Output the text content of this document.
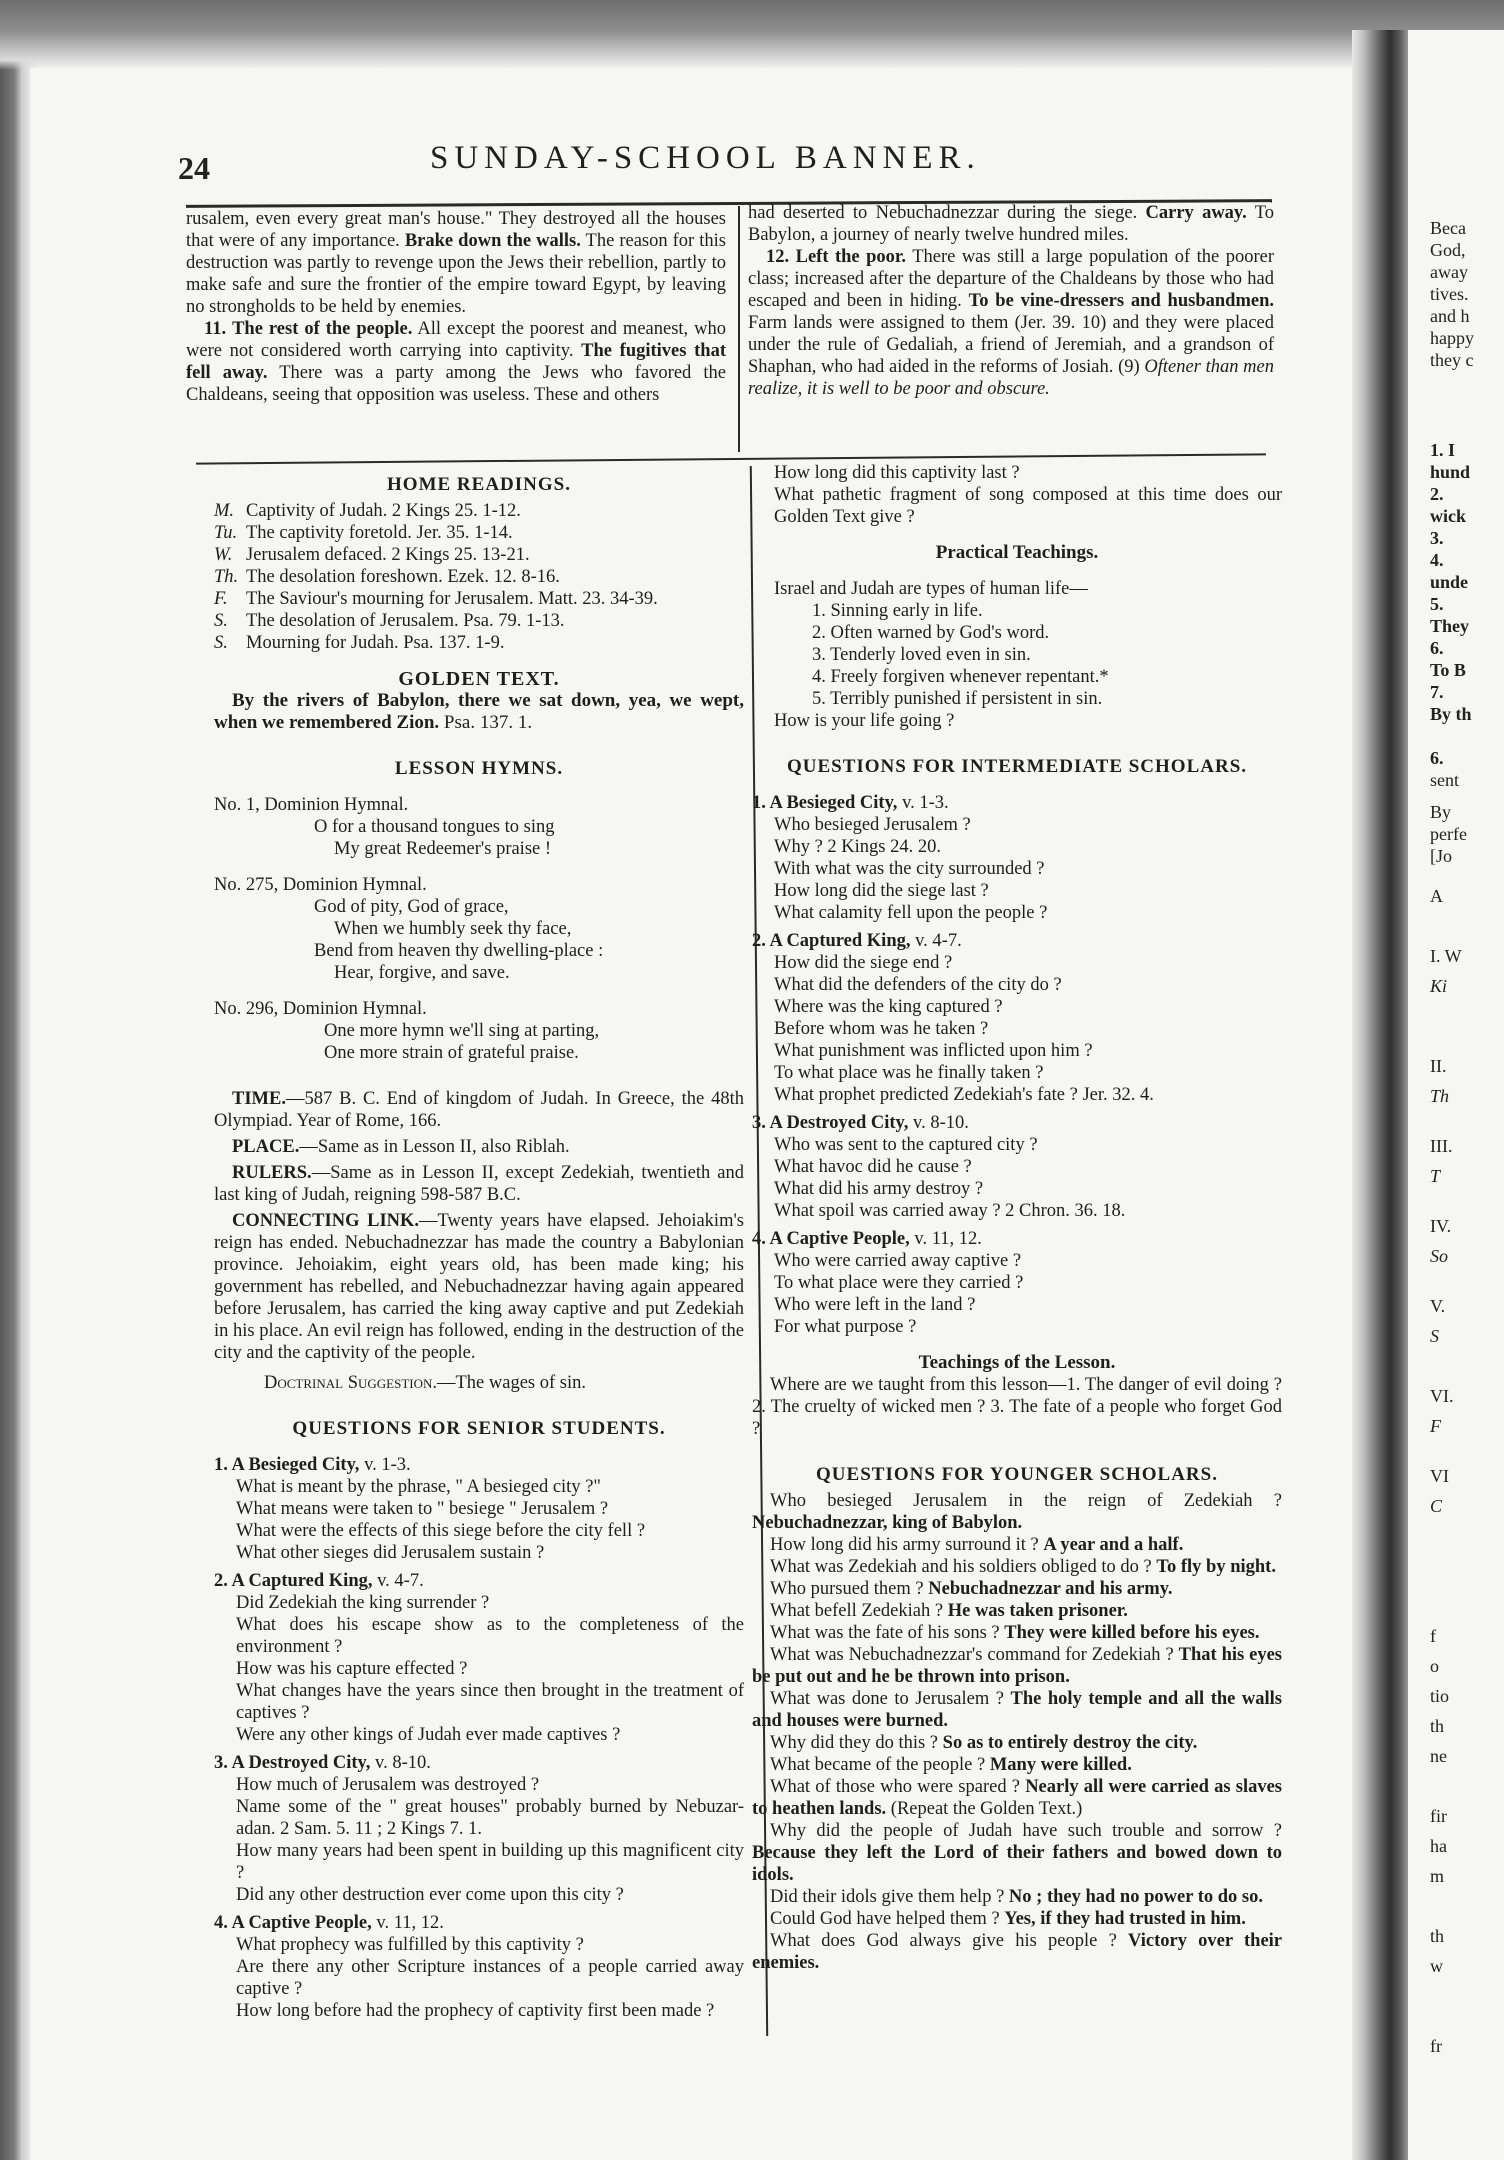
Beca
God,
away
tives.
and h
happy
they c
1. I
hund
2.
wick
3.
4.
unde
5.
They
6.
To B
7.
By th
6.
sent
By
perfe
[Jo
A
I. W
Ki
II.
Th
III.
T
IV.
So
V.
S
VI.
F
VI
C
f
o
tio
th
ne
fir
ha
m
th
w
fr
24	SUNDAY-SCHOOL BANNER.

rusalem, even every great man's house." They destroyed all the houses that were of any importance. Brake down the walls. The reason for this destruction was partly to revenge upon the Jews their rebellion, partly to make safe and sure the frontier of the empire toward Egypt, by leaving no strongholds to be held by enemies.

11. The rest of the people. All except the poorest and meanest, who were not considered worth carrying into captivity. The fugitives that fell away. There was a party among the Jews who favored the Chaldeans, seeing that opposition was useless. These and others

had deserted to Nebuchadnezzar during the siege. Carry away. To Babylon, a journey of nearly twelve hundred miles.

12. Left the poor. There was still a large population of the poorer class; increased after the departure of the Chaldeans by those who had escaped and been in hiding. To be vine-dressers and husbandmen. Farm lands were assigned to them (Jer. 39. 10) and they were placed under the rule of Gedaliah, a friend of Jeremiah, and a grandson of Shaphan, who had aided in the reforms of Josiah. (9) Oftener than men realize, it is well to be poor and obscure.

HOME READINGS.

M. Captivity of Judah. 2 Kings 25. 1-12.

Tu. The captivity foretold. Jer. 35. 1-14.

W. Jerusalem defaced. 2 Kings 25. 13-21.

Th. The desolation foreshown. Ezek. 12. 8-16.

F. The Saviour's mourning for Jerusalem. Matt. 23. 34-39.

S. The desolation of Jerusalem. Psa. 79. 1-13.

S. Mourning for Judah. Psa. 137. 1-9.

GOLDEN TEXT.

By the rivers of Babylon, there we sat down, yea, we wept, when we remembered Zion. Psa. 137. 1.

LESSON HYMNS.

No. 1, Dominion Hymnal.

O for a thousand tongues to sing

My great Redeemer's praise !

No. 275, Dominion Hymnal.

God of pity, God of grace,

When we humbly seek thy face,

Bend from heaven thy dwelling-place :

Hear, forgive, and save.

No. 296, Dominion Hymnal.

One more hymn we'll sing at parting,

One more strain of grateful praise.

TIME.—587 B. C. End of kingdom of Judah. In Greece, the 48th Olympiad. Year of Rome, 166.

PLACE.—Same as in Lesson II, also Riblah.

RULERS.—Same as in Lesson II, except Zedekiah, twentieth and last king of Judah, reigning 598-587 B.C.

CONNECTING LINK.—Twenty years have elapsed. Jehoiakim's reign has ended. Nebuchadnezzar has made the country a Babylonian province. Jehoiakim, eight years old, has been made king; his government has rebelled, and Nebuchadnezzar having again appeared before Jerusalem, has carried the king away captive and put Zedekiah in his place. An evil reign has followed, ending in the destruction of the city and the captivity of the people.

Doctrinal Suggestion.—The wages of sin.

QUESTIONS FOR SENIOR STUDENTS.

1. A Besieged City, v. 1-3.

What is meant by the phrase, " A besieged city ?"

What means were taken to " besiege " Jerusalem ?

What were the effects of this siege before the city fell ?

What other sieges did Jerusalem sustain ?

2. A Captured King, v. 4-7.

Did Zedekiah the king surrender ?

What does his escape show as to the completeness of the environment ?

How was his capture effected ?

What changes have the years since then brought in the treatment of captives ?

Were any other kings of Judah ever made captives ?

3. A Destroyed City, v. 8-10.

How much of Jerusalem was destroyed ?

Name some of the " great houses" probably burned by Nebuzar-adan. 2 Sam. 5. 11 ; 2 Kings 7. 1.

How many years had been spent in building up this magnificent city ?

Did any other destruction ever come upon this city ?

4. A Captive People, v. 11, 12.

What prophecy was fulfilled by this captivity ?

Are there any other Scripture instances of a people carried away captive ?

How long before had the prophecy of captivity first been made ?

How long did this captivity last ?

What pathetic fragment of song composed at this time does our Golden Text give ?

Practical Teachings.

Israel and Judah are types of human life—

1. Sinning early in life.

2. Often warned by God's word.

3. Tenderly loved even in sin.

4. Freely forgiven whenever repentant.*

5. Terribly punished if persistent in sin.

How is your life going ?

QUESTIONS FOR INTERMEDIATE SCHOLARS.

1. A Besieged City, v. 1-3.

Who besieged Jerusalem ?

Why ? 2 Kings 24. 20.

With what was the city surrounded ?

How long did the siege last ?

What calamity fell upon the people ?

2. A Captured King, v. 4-7.

How did the siege end ?

What did the defenders of the city do ?

Where was the king captured ?

Before whom was he taken ?

What punishment was inflicted upon him ?

To what place was he finally taken ?

What prophet predicted Zedekiah's fate ? Jer. 32. 4.

3. A Destroyed City, v. 8-10.

Who was sent to the captured city ?

What havoc did he cause ?

What did his army destroy ?

What spoil was carried away ? 2 Chron. 36. 18.

4. A Captive People, v. 11, 12.

Who were carried away captive ?

To what place were they carried ?

Who were left in the land ?

For what purpose ?

Teachings of the Lesson.

Where are we taught from this lesson—1. The danger of evil doing ? 2. The cruelty of wicked men ? 3. The fate of a people who forget God ?

QUESTIONS FOR YOUNGER SCHOLARS.

Who besieged Jerusalem in the reign of Zedekiah ? Nebuchadnezzar, king of Babylon.

How long did his army surround it ? A year and a half.

What was Zedekiah and his soldiers obliged to do ? To fly by night.

Who pursued them ? Nebuchadnezzar and his army.

What befell Zedekiah ? He was taken prisoner.

What was the fate of his sons ? They were killed before his eyes.

What was Nebuchadnezzar's command for Zedekiah ? That his eyes be put out and he be thrown into prison.

What was done to Jerusalem ? The holy temple and all the walls and houses were burned.

Why did they do this ? So as to entirely destroy the city.

What became of the people ? Many were killed.

What of those who were spared ? Nearly all were carried as slaves to heathen lands. (Repeat the Golden Text.)

Why did the people of Judah have such trouble and sorrow ? Because they left the Lord of their fathers and bowed down to idols.

Did their idols give them help ? No ; they had no power to do so.

Could God have helped them ? Yes, if they had trusted in him.

What does God always give his people ? Victory over their enemies.
